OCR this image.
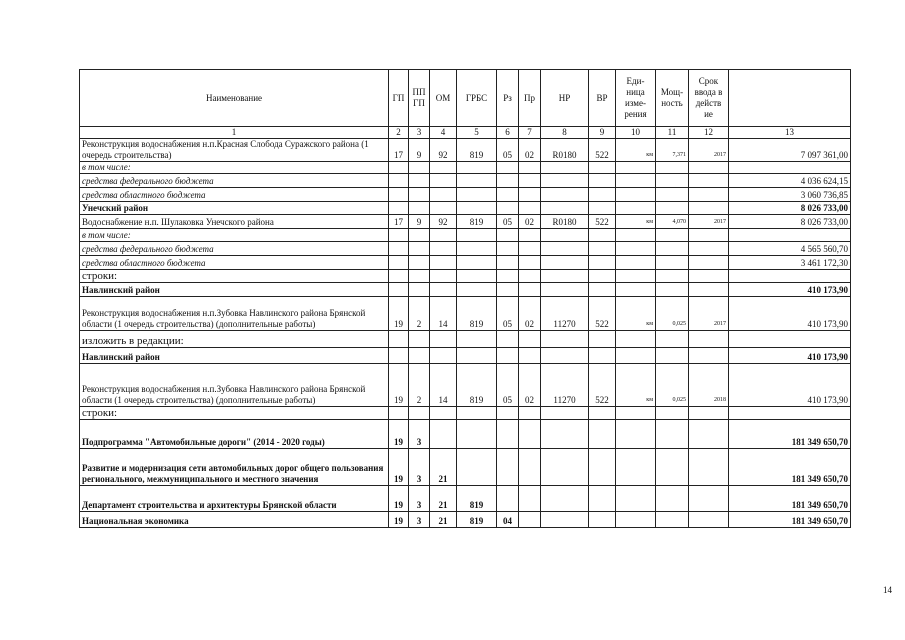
Наименование	ГП	ПП ГП	ОМ	ГРБС	Рз	Пр	НР	ВР	Еди-ница изме-рения	Мощ-ность	Срок ввода в действ ие	
1	2	3	4	5	6	7	8	9	10	11	12	13
Реконструкция водоснабжения н.п.Красная Слобода Суражского района (1 очередь строительства)	17	9	92	819	05	02	R0180	522	км	7,371	2017	7 097 361,00
в том числе:												
средства федерального бюджета												4 036 624,15
средства областного бюджета												3 060 736,85
Унечский район												8 026 733,00
Водоснабжение н.п. Шулаковка Унечского района	17	9	92	819	05	02	R0180	522	км	4,070	2017	8 026 733,00
в том числе:												
средства федерального бюджета												4 565 560,70
средства областного бюджета												3 461 172,30
строки:												
Навлинский район												410 173,90
Реконструкция водоснабжения н.п.Зубовка Навлинского района Брянской области (1 очередь строительства) (дополнительные работы)	19	2	14	819	05	02	11270	522	км	0,025	2017	410 173,90
изложить в редакции:												
Навлинский район												410 173,90
Реконструкция водоснабжения н.п.Зубовка Навлинского района Брянской области (1 очередь строительства) (дополнительные работы)	19	2	14	819	05	02	11270	522	км	0,025	2018	410 173,90
строки:												
Подпрограмма "Автомобильные дороги" (2014 - 2020 годы)	19	3										181 349 650,70
Развитие и модернизация сети автомобильных дорог общего пользования регионального, межмуниципального и местного значения	19	3	21									181 349 650,70
Департамент строительства и архитектуры Брянской области	19	3	21	819								181 349 650,70
Национальная экономика	19	3	21	819	04							181 349 650,70
14
